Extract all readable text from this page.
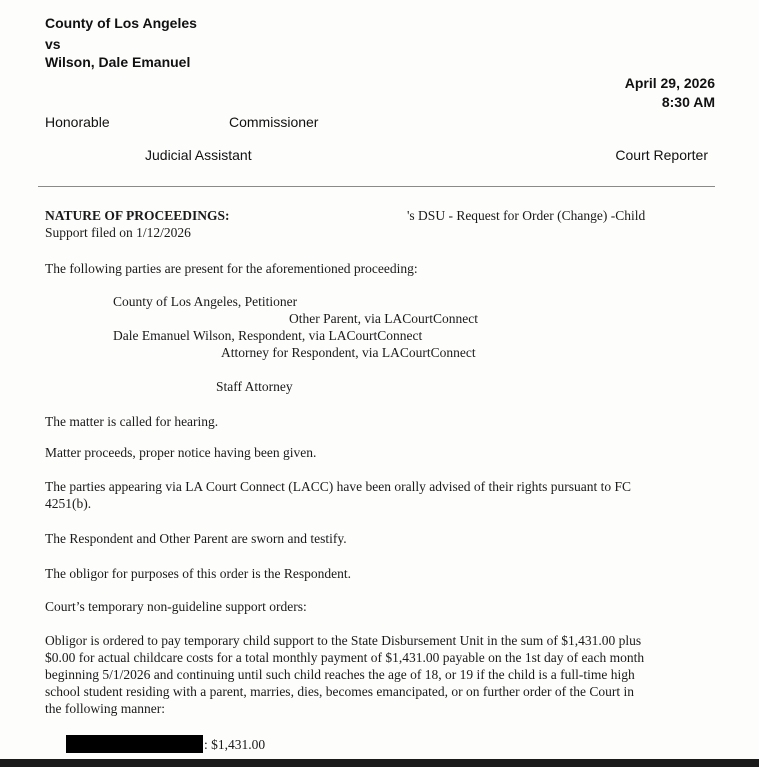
County of Los Angeles
vs
Wilson, Dale Emanuel
April 29, 2026
8:30 AM
Honorable	Commissioner
Judicial Assistant	Court Reporter
NATURE OF PROCEEDINGS:	's DSU - Request for Order (Change) -Child
Support filed on 1/12/2026
The following parties are present for the aforementioned proceeding:
County of Los Angeles, Petitioner
Other Parent, via LACourtConnect
Dale Emanuel Wilson, Respondent, via LACourtConnect
Attorney for Respondent, via LACourtConnect
Staff Attorney
The matter is called for hearing.
Matter proceeds, proper notice having been given.
The parties appearing via LA Court Connect (LACC) have been orally advised of their rights pursuant to FC
4251(b).
The Respondent and Other Parent are sworn and testify.
The obligor for purposes of this order is the Respondent.
Court’s temporary non-guideline support orders:
Obligor is ordered to pay temporary child support to the State Disbursement Unit in the sum of $1,431.00 plus
$0.00 for actual childcare costs for a total monthly payment of $1,431.00 payable on the 1st day of each month
beginning 5/1/2026 and continuing until such child reaches the age of 18, or 19 if the child is a full-time high
school student residing with a parent, marries, dies, becomes emancipated, or on further order of the Court in
the following manner:
: $1,431.00
